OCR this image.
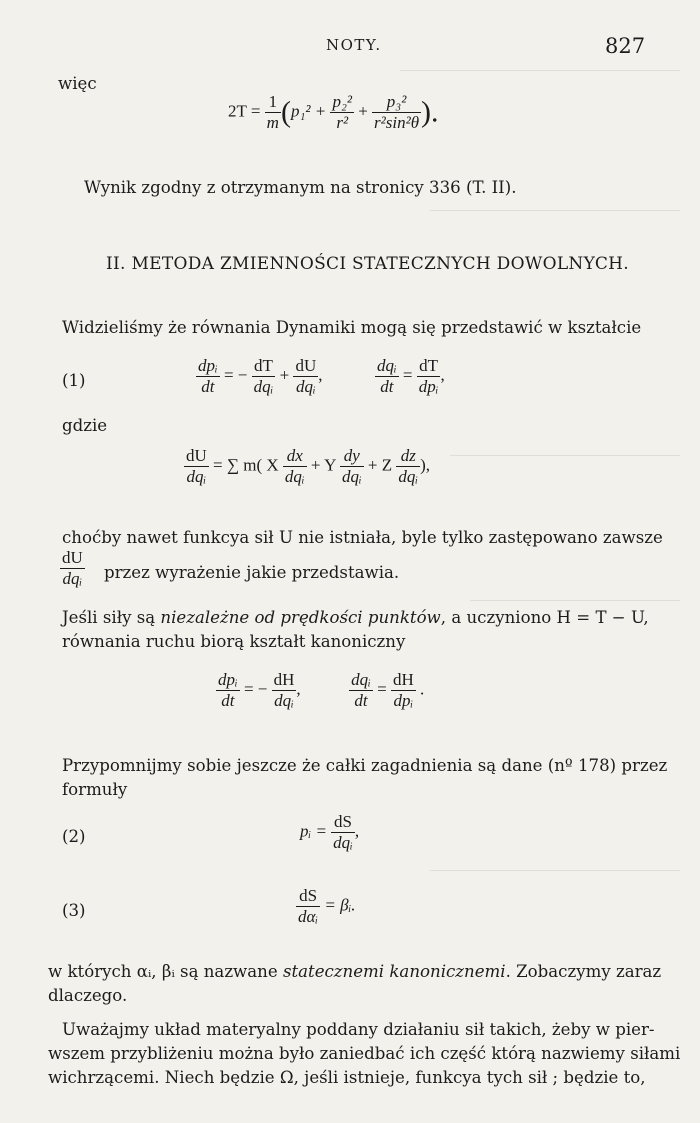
NOTY.	827
więc
$2T = \frac{1}{m} (p_1^2 + \frac{\text{p₂²}}{\text{r²}} + \frac{\text{p₃²}}{\text{r²sin²θ}}$ ).
Wynik zgodny z otrzymanym na stronicy 336 (T. II).
II. METODA ZMIENNOŚCI STATECZNYCH DOWOLNYCH.
Widzieliśmy że równania Dynamiki mogą się przedstawić w kształcie
(1)	$\frac{\text{dpᵢ}}{dt}$ = − $\frac{dT}{\text{dqᵢ}} + \frac{dU}{\text{dqᵢ}}$ ,	$\frac{\text{dqᵢ}}{dt} = \frac{dT}{\text{dpᵢ}}$ ,
gdzie
$\frac{dU}{\text{dqᵢ}}$ = ∑ m( X $\frac{dx}{\text{dqᵢ}} + Y \frac{dy}{\text{dqᵢ}} + Z \frac{dz}{\text{dqᵢ}}$ ),
choćby nawet funkcya sił U nie istniała, byle tylko zastępowano zawsze
$\frac{dU}{\text{dqᵢ}}$ przez wyrażenie jakie przedstawia.
Jeśli siły są niezależne od prędkości punktów, a uczyniono H = T − U,
równania ruchu biorą kształt kanoniczny
$\frac{\text{dpᵢ}}{dt}$ = − $\frac{dH}{\text{dqᵢ}}$ ,	$\frac{\text{dqᵢ}}{dt} = \frac{dH}{\text{dpᵢ}}$ .
Przypomnijmy sobie jeszcze że całki zagadnienia są dane (nº 178) przez
formuły
(2)	pᵢ = $\frac{dS}{\text{dqᵢ}}$ ,
(3)	$\frac{dS}{\text{dαᵢ}}$ = βᵢ.
w których αᵢ, βᵢ są nazwane statecznemi kanonicznemi. Zobaczymy zaraz
dlaczego.
Uważajmy układ materyalny poddany działaniu sił takich, żeby w pier-
wszem przybliżeniu można było zaniedbać ich część którą nazwiemy siłami
wichrzącemi. Niech będzie Ω, jeśli istnieje, funkcya tych sił ; będzie to,
